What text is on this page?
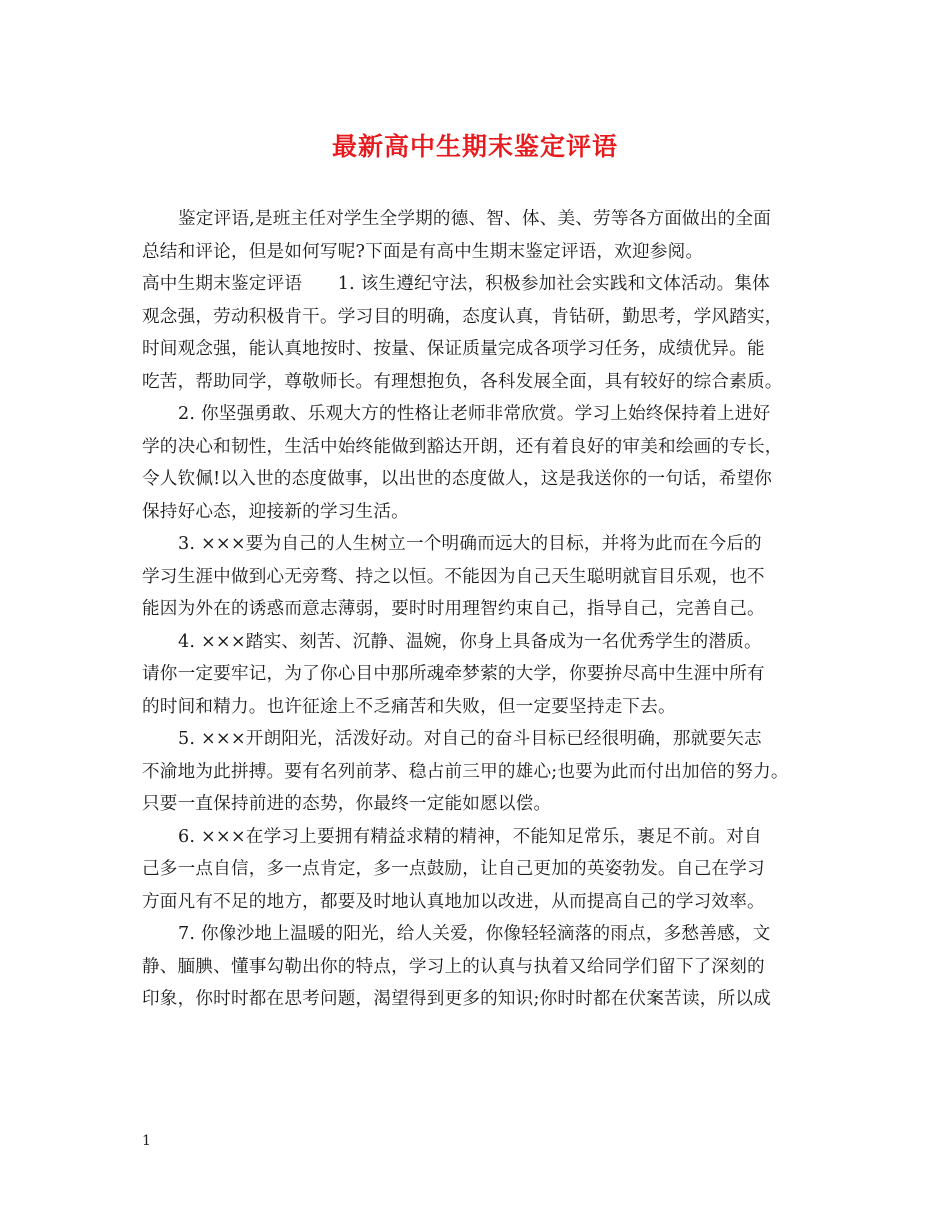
最新高中生期末鉴定评语
鉴定评语,是班主任对学生全学期的德、智、体、美、劳等各方面做出的全面
总结和评论，但是如何写呢?下面是有高中生期末鉴定评语，欢迎参阅。
高中生期末鉴定评语　　1. 该生遵纪守法，积极参加社会实践和文体活动。集体
观念强，劳动积极肯干。学习目的明确，态度认真，肯钻研，勤思考，学风踏实，
时间观念强，能认真地按时、按量、保证质量完成各项学习任务，成绩优异。能
吃苦，帮助同学，尊敬师长。有理想抱负，各科发展全面，具有较好的综合素质。
2. 你坚强勇敢、乐观大方的性格让老师非常欣赏。学习上始终保持着上进好
学的决心和韧性，生活中始终能做到豁达开朗，还有着良好的审美和绘画的专长，
令人钦佩!以入世的态度做事，以出世的态度做人，这是我送你的一句话，希望你
保持好心态，迎接新的学习生活。
3. ×××要为自己的人生树立一个明确而远大的目标，并将为此而在今后的
学习生涯中做到心无旁骛、持之以恒。不能因为自己天生聪明就盲目乐观，也不
能因为外在的诱惑而意志薄弱，要时时用理智约束自己，指导自己，完善自己。
4. ×××踏实、刻苦、沉静、温婉，你身上具备成为一名优秀学生的潜质。
请你一定要牢记，为了你心目中那所魂牵梦萦的大学，你要拚尽高中生涯中所有
的时间和精力。也许征途上不乏痛苦和失败，但一定要坚持走下去。
5. ×××开朗阳光，活泼好动。对自己的奋斗目标已经很明确，那就要矢志
不渝地为此拼搏。要有名列前茅、稳占前三甲的雄心;也要为此而付出加倍的努力。
只要一直保持前进的态势，你最终一定能如愿以偿。
6. ×××在学习上要拥有精益求精的精神，不能知足常乐，裹足不前。对自
己多一点自信，多一点肯定，多一点鼓励，让自己更加的英姿勃发。自己在学习
方面凡有不足的地方，都要及时地认真地加以改进，从而提高自己的学习效率。
7. 你像沙地上温暖的阳光，给人关爱，你像轻轻滴落的雨点，多愁善感，文
静、腼腆、懂事勾勒出你的特点，学习上的认真与执着又给同学们留下了深刻的
印象，你时时都在思考问题，渴望得到更多的知识;你时时都在伏案苦读，所以成
1
